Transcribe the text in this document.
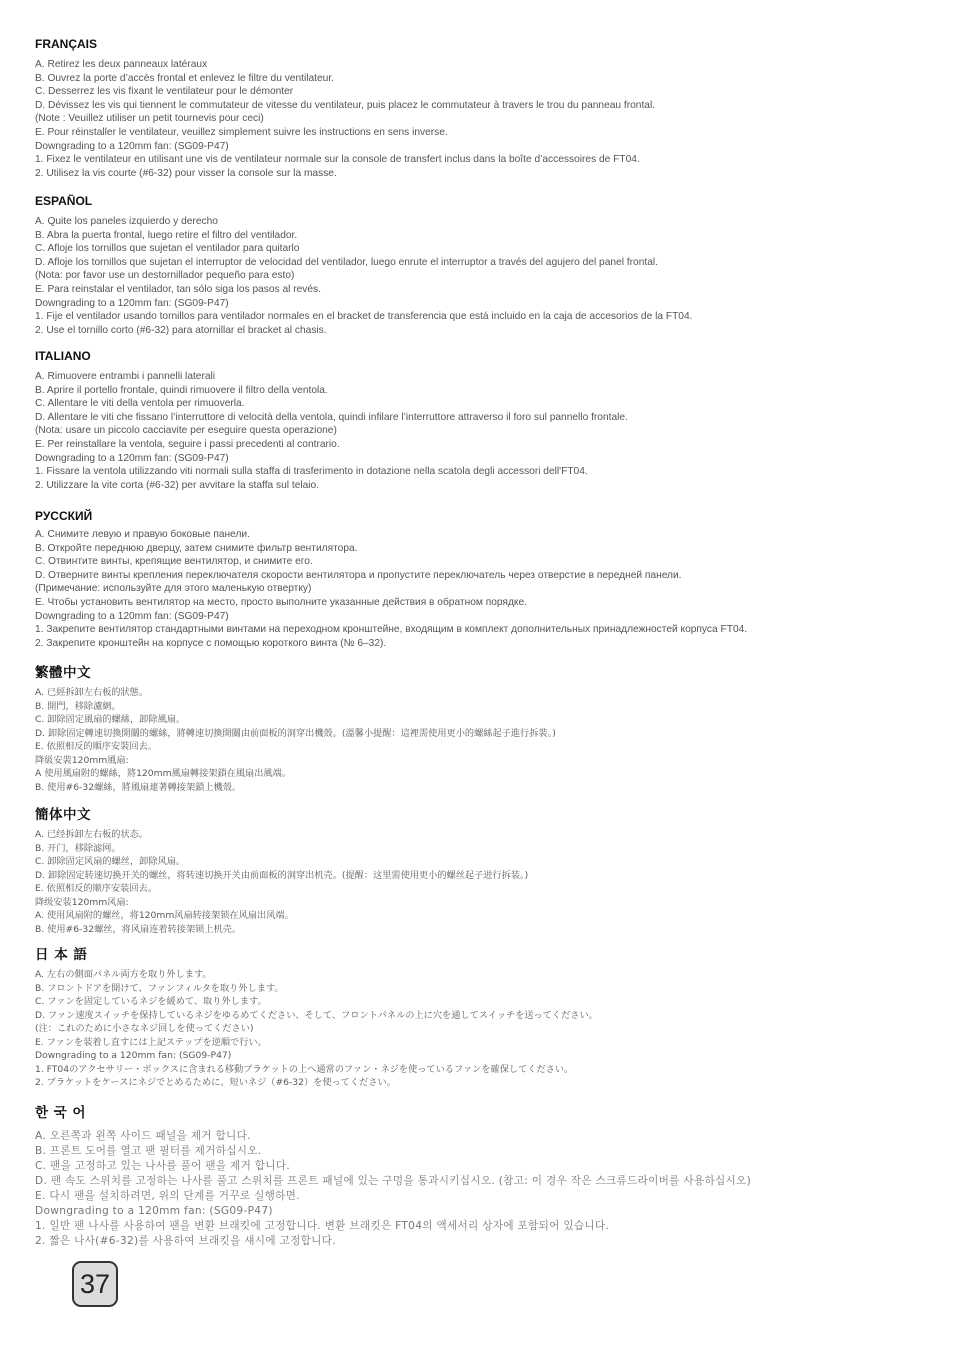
FRANÇAIS
A. Retirez les deux panneaux latéraux
B. Ouvrez la porte d’accès frontal et enlevez le filtre du ventilateur.
C. Desserrez les vis fixant le ventilateur pour le démonter
D. Dévissez les vis qui tiennent le commutateur de vitesse du ventilateur, puis placez le commutateur à travers le trou du panneau frontal.
(Note : Veuillez utiliser un petit tournevis pour ceci)
E. Pour réinstaller le ventilateur, veuillez simplement suivre les instructions en sens inverse.
Downgrading to a 120mm fan: (SG09-P47)
1. Fixez le ventilateur en utilisant une vis de ventilateur normale sur la console de transfert inclus dans la boîte d’accessoires de FT04.
2. Utilisez la vis courte (#6-32) pour visser la console sur la masse.
ESPAÑOL
A. Quite los paneles izquierdo y derecho
B. Abra la puerta frontal, luego retire el filtro del ventilador.
C. Afloje los tornillos que sujetan el ventilador para quitarlo
D. Afloje los tornillos que sujetan el interruptor de velocidad del ventilador, luego enrute el interruptor a través del agujero del panel frontal.
(Nota: por favor use un destornillador pequeño para esto)
E. Para reinstalar el ventilador, tan sólo siga los pasos al revés.
Downgrading to a 120mm fan: (SG09-P47)
1. Fije el ventilador usando tornillos para ventilador normales en el bracket de transferencia que está incluido en la caja de accesorios de la FT04.
2. Use el tornillo corto (#6-32) para atornillar el bracket al chasis.
ITALIANO
A. Rimuovere entrambi i pannelli laterali
B. Aprire il portello frontale, quindi rimuovere il filtro della ventola.
C. Allentare le viti della ventola per rimuoverla.
D. Allentare le viti che fissano l’interruttore di velocità della ventola, quindi infilare l’interruttore attraverso il foro sul pannello frontale.
(Nota: usare un piccolo cacciavite per eseguire questa operazione)
E. Per reinstallare la ventola, seguire i passi precedenti al contrario.
Downgrading to a 120mm fan: (SG09-P47)
1. Fissare la ventola utilizzando viti normali sulla staffa di trasferimento in dotazione nella scatola degli accessori dell'FT04.
2. Utilizzare la vite corta (#6-32) per avvitare la staffa sul telaio.
РУССКИЙ
A. Снимите левую и правую боковые панели.
B. Откройте переднюю дверцу, затем снимите фильтр вентилятора.
C. Отвинтите винты, крепящие вентилятор, и снимите его.
D. Отверните винты крепления переключателя скорости вентилятора и пропустите переключатель через отверстие в передней панели.
(Примечание: используйте для этого маленькую отвертку)
E. Чтобы установить вентилятор на место, просто выполните указанные действия в обратном порядке.
Downgrading to a 120mm fan: (SG09-P47)
1. Закрепите вентилятор стандартными винтами на переходном кронштейне, входящим в комплект дополнительных принадлежностей корпуса FT04.
2. Закрепите кронштейн на корпусе с помощью короткого винта (№ 6–32).
繁體中文
A. 已經拆卸左右板的狀態。
B. 開門，移除濾網。
C. 卸除固定風扇的螺絲，卸除風扇。
D. 卸除固定轉速切換開關的螺絲，將轉速切換開關由前面板的洞穿出機殼。(溫馨小提醒：這裡需使用更小的螺絲起子進行拆裝。)
E. 依照相反的順序安裝回去。
降級安裝120mm風扇:
A 使用風扇附的螺絲，將120mm風扇轉接架鎖在風扇出風端。
B. 使用#6-32螺絲，將風扇連著轉接架鎖上機殼。
簡体中文
A. 已经拆卸左右板的状态。
B. 开门，移除滤网。
C. 卸除固定风扇的螺丝，卸除风扇。
D. 卸除固定转速切换开关的螺丝，将转速切换开关由前面板的洞穿出机壳。(提醒：这里需使用更小的螺丝起子进行拆装。)
E. 依照相反的顺序安装回去。
降级安装120mm风扇:
A. 使用风扇附的螺丝，将120mm风扇转接架锁在风扇出风端。
B. 使用#6-32螺丝，将风扇连着转接架锁上机壳。
日 本 語
A. 左右の側面パネル両方を取り外します。
B. フロントドアを開けて、ファンフィルタを取り外します。
C. ファンを固定しているネジを緩めて、取り外します。
D. ファン速度スイッチを保持しているネジをゆるめてください、そして、フロントパネルの上に穴を通してスイッチを送ってください。
(注：これのために小さなネジ回しを使ってください)
E. ファンを装着し直すには上記ステップを逆順で行い。
Downgrading to a 120mm fan: (SG09-P47)
1. FT04のアクセサリー・ボックスに含まれる移動ブラケットの上へ通常のファン・ネジを使っているファンを確保してください。
2. ブラケットをケースにネジでとめるために、短いネジ（#6-32）を使ってください。
한 국 어
A. 오른쪽과 왼쪽 사이드 패널을 제거 합니다.
B. 프론트 도어를 열고 팬 필터를 제거하십시오.
C. 팬을 고정하고 있는 나사를 풀어 팬을 제거 합니다.
D. 팬 속도 스위치를 고정하는 나사를 풀고 스위치를 프론트 패널에 있는 구멍을 통과시키십시오. (참고: 이 경우 작은 스크류드라이버를 사용하십시오)
E. 다시 팬을 설치하려면, 위의 단계를 거꾸로 실행하면.
Downgrading to a 120mm fan: (SG09-P47)
1. 일반 팬 나사를 사용하여 팬을 변환 브래킷에 고정합니다. 변환 브래킷은 FT04의 액세서리 상자에 포함되어 있습니다.
2. 짧은 나사(#6-32)를 사용하여 브래킷을 섀시에 고정합니다.
37
